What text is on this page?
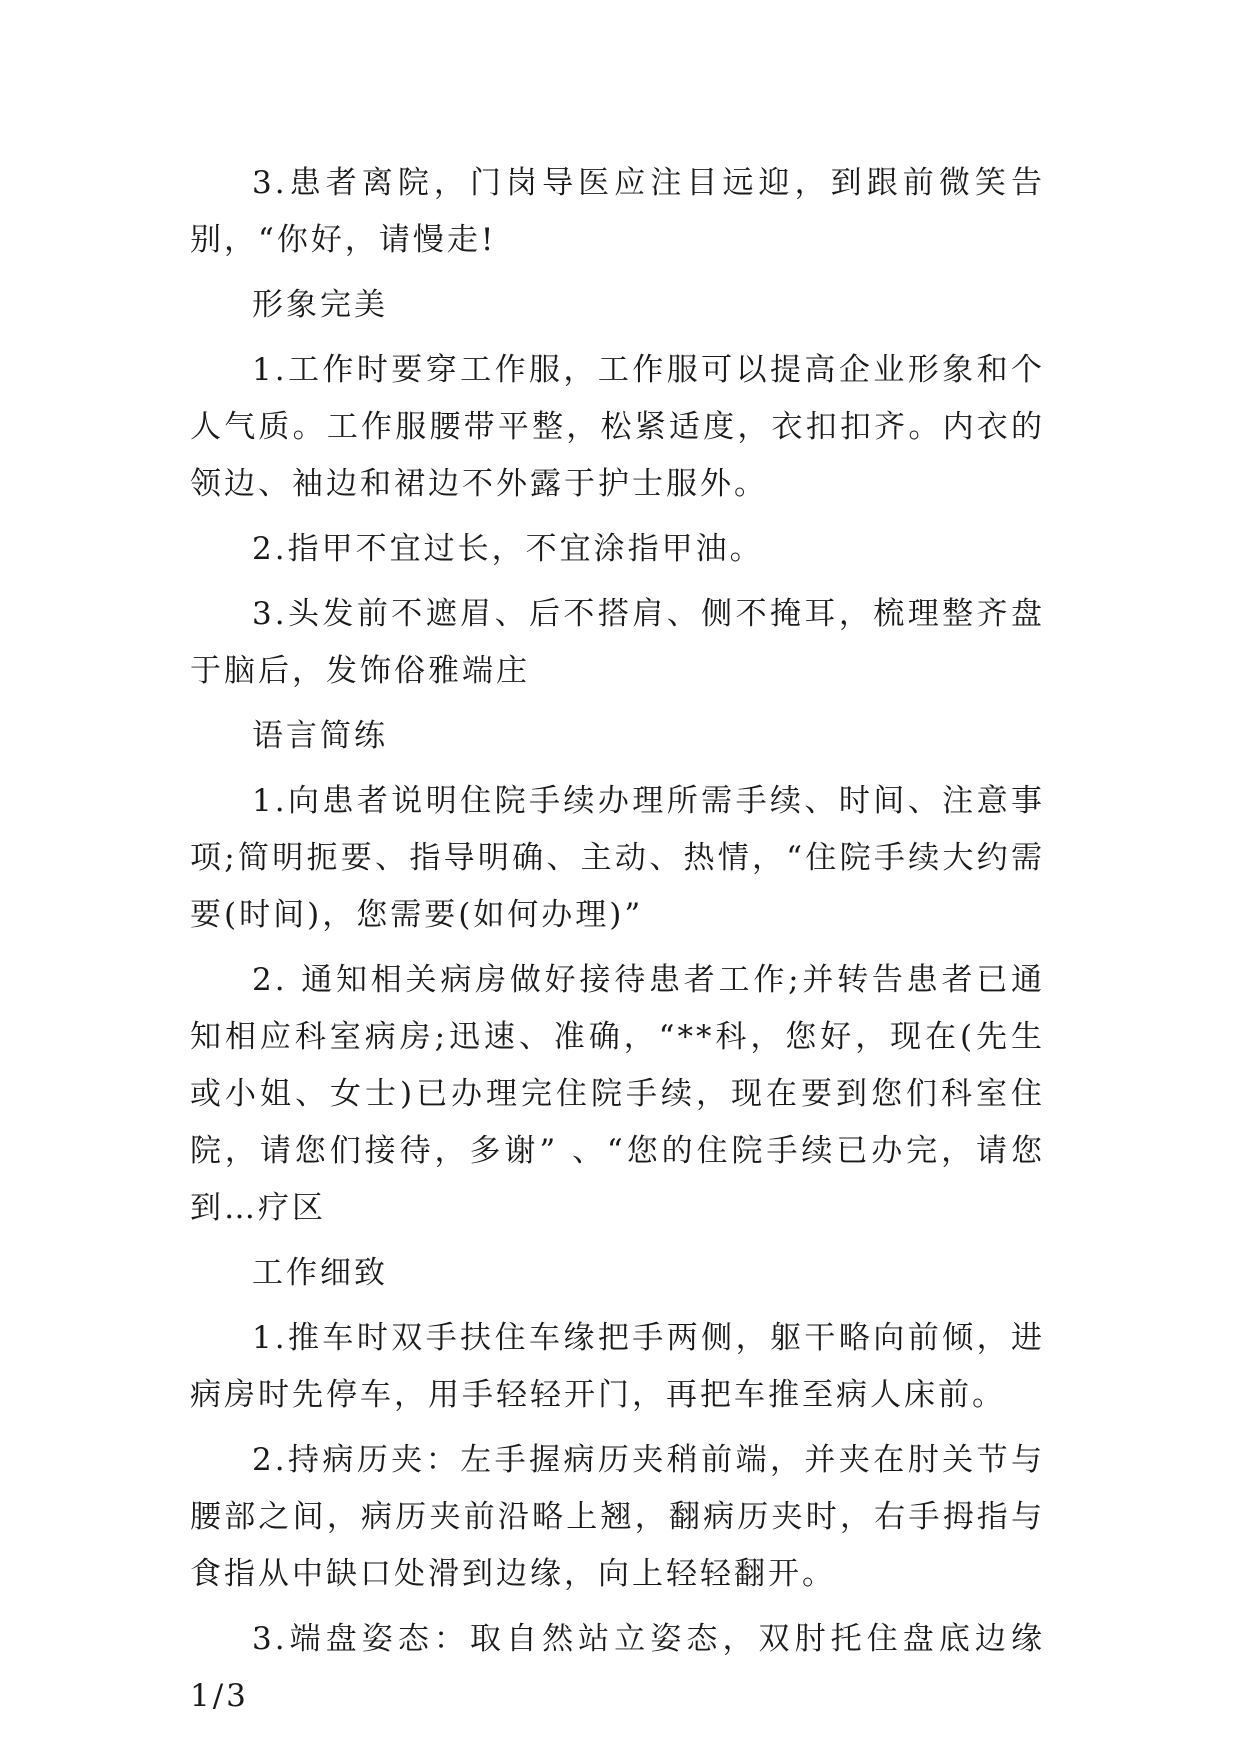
3.患者离院，门岗导医应注目远迎，到跟前微笑告别，“你好，请慢走!

形象完美

1.工作时要穿工作服，工作服可以提高企业形象和个人气质。工作服腰带平整，松紧适度，衣扣扣齐。内衣的领边、袖边和裙边不外露于护士服外。

2.指甲不宜过长，不宜涂指甲油。

3.头发前不遮眉、后不搭肩、侧不掩耳，梳理整齐盘于脑后，发饰俗雅端庄

语言简练

1.向患者说明住院手续办理所需手续、时间、注意事项;简明扼要、指导明确、主动、热情，“住院手续大约需要(时间)，您需要(如何办理)”

2. 通知相关病房做好接待患者工作;并转告患者已通知相应科室病房;迅速、准确，“**科，您好，现在(先生或小姐、女士)已办理完住院手续，现在要到您们科室住院，请您们接待，多谢” 、“您的住院手续已办完，请您到…疗区

工作细致

1.推车时双手扶住车缘把手两侧，躯干略向前倾，进病房时先停车，用手轻轻开门，再把车推至病人床前。

2.持病历夹：左手握病历夹稍前端，并夹在肘关节与腰部之间，病历夹前沿略上翘，翻病历夹时，右手拇指与食指从中缺口处滑到边缘，向上轻轻翻开。

3.端盘姿态：取自然站立姿态，双肘托住盘底边缘1/3
